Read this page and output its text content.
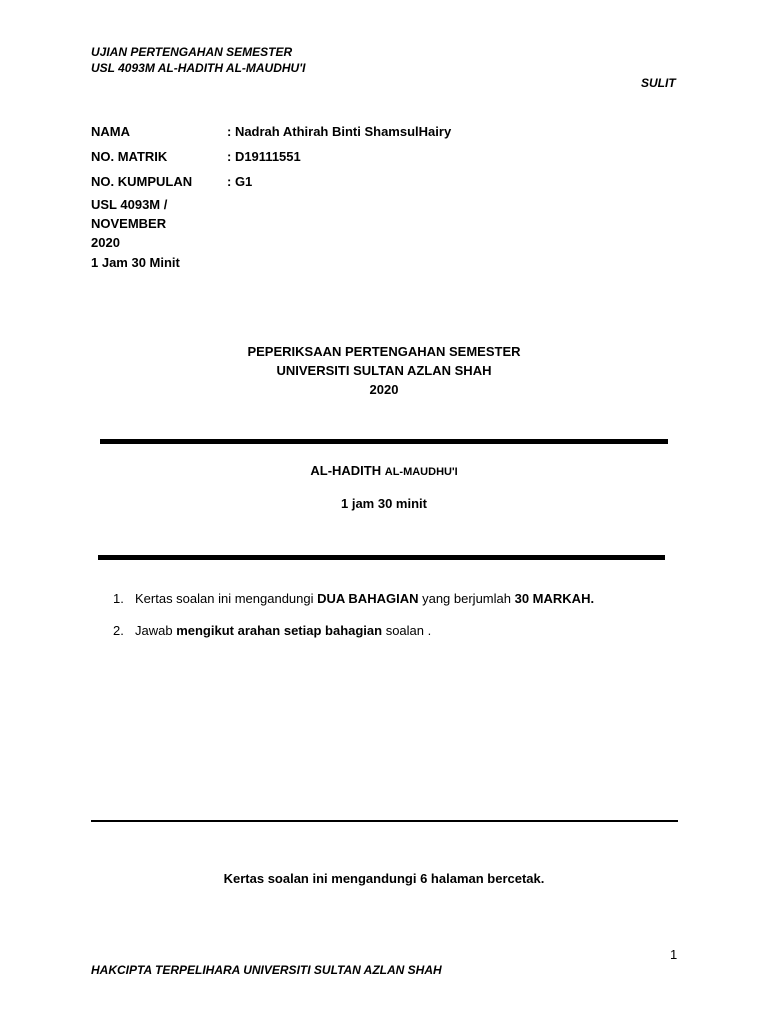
UJIAN PERTENGAHAN SEMESTER
USL 4093M AL-HADITH AL-MAUDHU'I
SULIT
NAMA	: Nadrah Athirah Binti ShamsulHairy
NO. MATRIK	: D19111551
NO. KUMPULAN	: G1
USL 4093M /
NOVEMBER
2020
1 Jam 30 Minit
PEPERIKSAAN PERTENGAHAN SEMESTER
UNIVERSITI SULTAN AZLAN SHAH
2020
AL-HADITH AL-MAUDHU'I
1 jam 30 minit
1. Kertas soalan ini mengandungi DUA BAHAGIAN yang berjumlah 30 MARKAH.
2. Jawab mengikut arahan setiap bahagian soalan .
Kertas soalan ini mengandungi 6 halaman bercetak.
1
HAKCIPTA TERPELIHARA UNIVERSITI SULTAN AZLAN SHAH
